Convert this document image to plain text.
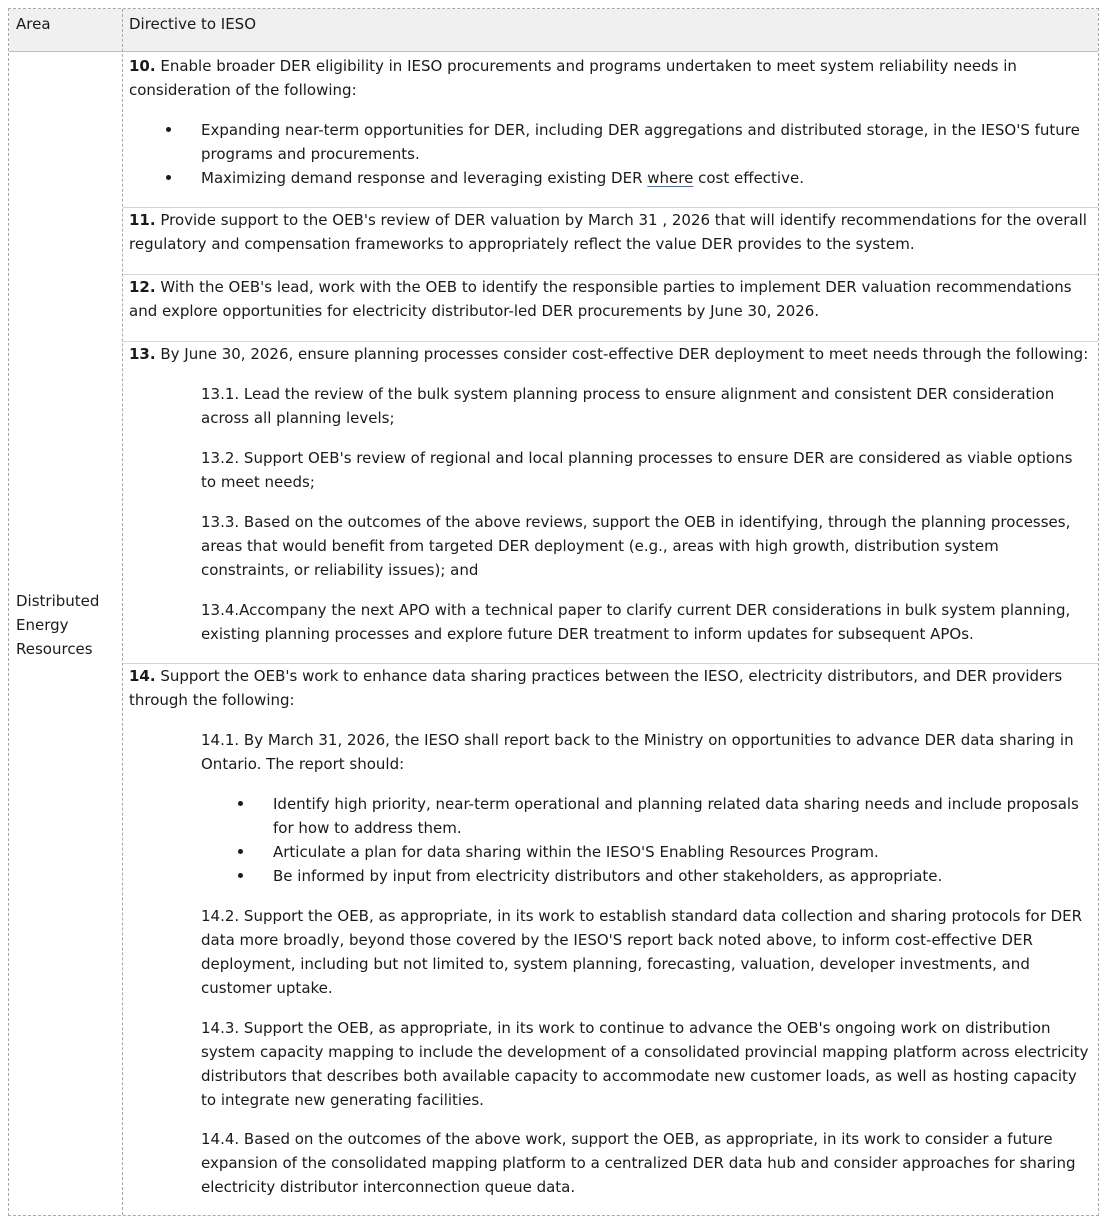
Area	Directive to IESO
Distributed
Energy
Resources

10. Enable broader DER eligibility in IESO procurements and programs undertaken to meet system reliability needs in consideration of the following:

Expanding near-term opportunities for DER, including DER aggregations and distributed storage, in the IESO'S future programs and procurements.

Maximizing demand response and leveraging existing DER where cost effective.

11. Provide support to the OEB's review of DER valuation by March 31 , 2026 that will identify recommendations for the overall regulatory and compensation frameworks to appropriately reflect the value DER provides to the system.

12. With the OEB's lead, work with the OEB to identify the responsible parties to implement DER valuation recommendations and explore opportunities for electricity distributor-led DER procurements by June 30, 2026.

13. By June 30, 2026, ensure planning processes consider cost-effective DER deployment to meet needs through the following:

13.1. Lead the review of the bulk system planning process to ensure alignment and consistent DER consideration across all planning levels;

13.2. Support OEB's review of regional and local planning processes to ensure DER are considered as viable options to meet needs;

13.3. Based on the outcomes of the above reviews, support the OEB in identifying, through the planning processes, areas that would benefit from targeted DER deployment (e.g., areas with high growth, distribution system constraints, or reliability issues); and

13.4.Accompany the next APO with a technical paper to clarify current DER considerations in bulk system planning, existing planning processes and explore future DER treatment to inform updates for subsequent APOs.

14. Support the OEB's work to enhance data sharing practices between the IESO, electricity distributors, and DER providers through the following:

14.1. By March 31, 2026, the IESO shall report back to the Ministry on opportunities to advance DER data sharing in Ontario. The report should:

Identify high priority, near-term operational and planning related data sharing needs and include proposals for how to address them.

Articulate a plan for data sharing within the IESO'S Enabling Resources Program.

Be informed by input from electricity distributors and other stakeholders, as appropriate.

14.2. Support the OEB, as appropriate, in its work to establish standard data collection and sharing protocols for DER data more broadly, beyond those covered by the IESO'S report back noted above, to inform cost-effective DER deployment, including but not limited to, system planning, forecasting, valuation, developer investments, and customer uptake.

14.3. Support the OEB, as appropriate, in its work to continue to advance the OEB's ongoing work on distribution system capacity mapping to include the development of a consolidated provincial mapping platform across electricity distributors that describes both available capacity to accommodate new customer loads, as well as hosting capacity to integrate new generating facilities.

14.4. Based on the outcomes of the above work, support the OEB, as appropriate, in its work to consider a future expansion of the consolidated mapping platform to a centralized DER data hub and consider approaches for sharing electricity distributor interconnection queue data.
